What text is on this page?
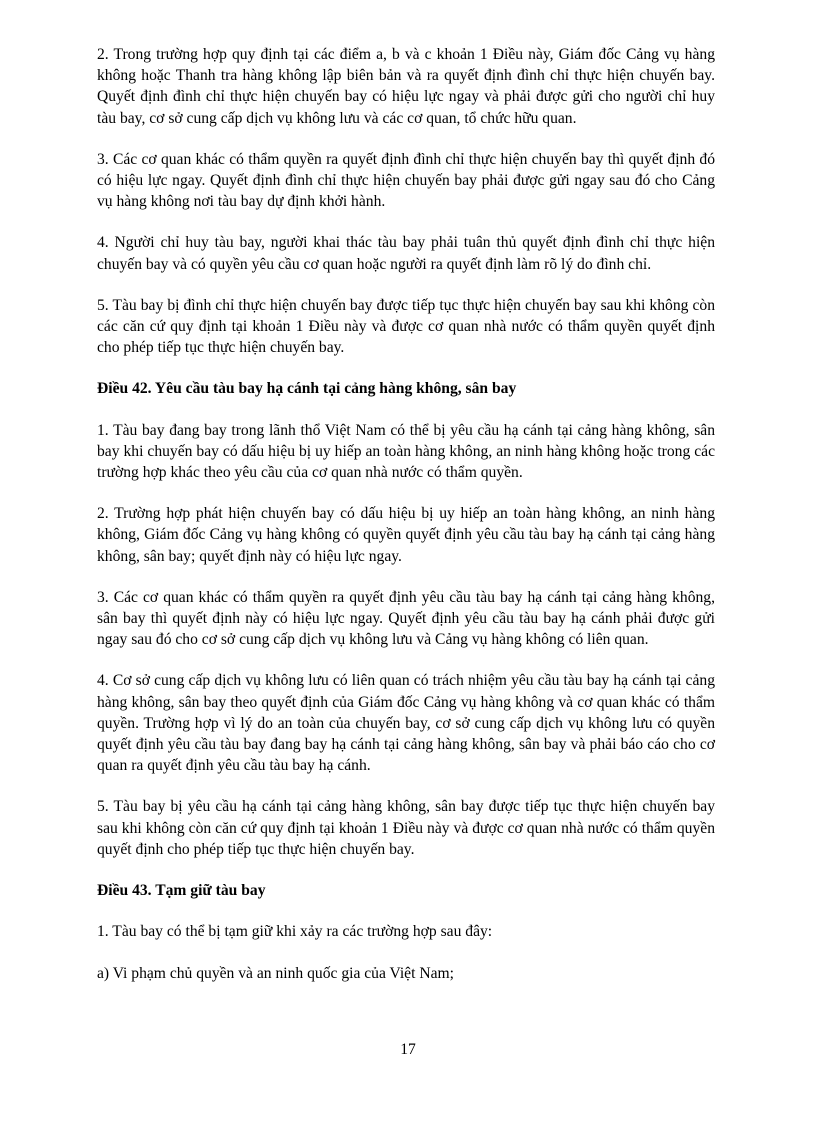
2. Trong trường hợp quy định tại các điểm a, b và c khoản 1 Điều này, Giám đốc Cảng vụ hàng không hoặc Thanh tra hàng không lập biên bản và ra quyết định đình chỉ thực hiện chuyến bay. Quyết định đình chỉ thực hiện chuyến bay có hiệu lực ngay và phải được gửi cho người chỉ huy tàu bay, cơ sở cung cấp dịch vụ không lưu và các cơ quan, tổ chức hữu quan.

3. Các cơ quan khác có thẩm quyền ra quyết định đình chỉ thực hiện chuyến bay thì quyết định đó có hiệu lực ngay. Quyết định đình chỉ thực hiện chuyến bay phải được gửi ngay sau đó cho Cảng vụ hàng không nơi tàu bay dự định khởi hành.

4. Người chỉ huy tàu bay, người khai thác tàu bay phải tuân thủ quyết định đình chỉ thực hiện chuyến bay và có quyền yêu cầu cơ quan hoặc người ra quyết định làm rõ lý do đình chỉ.

5. Tàu bay bị đình chỉ thực hiện chuyến bay được tiếp tục thực hiện chuyến bay sau khi không còn các căn cứ quy định tại khoản 1 Điều này và được cơ quan nhà nước có thẩm quyền quyết định cho phép tiếp tục thực hiện chuyến bay.

Điều 42. Yêu cầu tàu bay hạ cánh tại cảng hàng không, sân bay

1. Tàu bay đang bay trong lãnh thổ Việt Nam có thể bị yêu cầu hạ cánh tại cảng hàng không, sân bay khi chuyến bay có dấu hiệu bị uy hiếp an toàn hàng không, an ninh hàng không hoặc trong các trường hợp khác theo yêu cầu của cơ quan nhà nước có thẩm quyền.

2. Trường hợp phát hiện chuyến bay có dấu hiệu bị uy hiếp an toàn hàng không, an ninh hàng không, Giám đốc Cảng vụ hàng không có quyền quyết định yêu cầu tàu bay hạ cánh tại cảng hàng không, sân bay; quyết định này có hiệu lực ngay.

3. Các cơ quan khác có thẩm quyền ra quyết định yêu cầu tàu bay hạ cánh tại cảng hàng không, sân bay thì quyết định này có hiệu lực ngay. Quyết định yêu cầu tàu bay hạ cánh phải được gửi ngay sau đó cho cơ sở cung cấp dịch vụ không lưu và Cảng vụ hàng không có liên quan.

4. Cơ sở cung cấp dịch vụ không lưu có liên quan có trách nhiệm yêu cầu tàu bay hạ cánh tại cảng hàng không, sân bay theo quyết định của Giám đốc Cảng vụ hàng không và cơ quan khác có thẩm quyền. Trường hợp vì lý do an toàn của chuyến bay, cơ sở cung cấp dịch vụ không lưu có quyền quyết định yêu cầu tàu bay đang bay hạ cánh tại cảng hàng không, sân bay và phải báo cáo cho cơ quan ra quyết định yêu cầu tàu bay hạ cánh.

5. Tàu bay bị yêu cầu hạ cánh tại cảng hàng không, sân bay được tiếp tục thực hiện chuyến bay sau khi không còn căn cứ quy định tại khoản 1 Điều này và được cơ quan nhà nước có thẩm quyền quyết định cho phép tiếp tục thực hiện chuyến bay.

Điều 43. Tạm giữ tàu bay

1. Tàu bay có thể bị tạm giữ khi xảy ra các trường hợp sau đây:

a) Vi phạm chủ quyền và an ninh quốc gia của Việt Nam;

17
